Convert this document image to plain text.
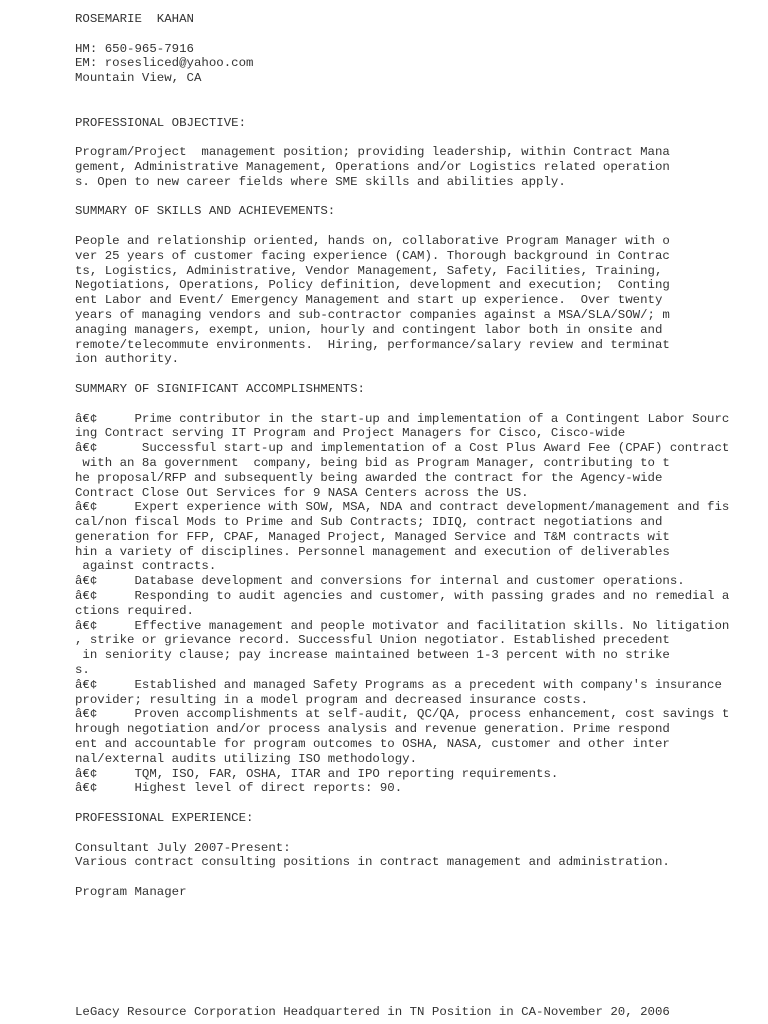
ROSEMARIE  KAHAN
HM: 650-965-7916
EM: rosesliced@yahoo.com
Mountain View, CA
PROFESSIONAL OBJECTIVE:
Program/Project  management position; providing leadership, within Contract Mana
gement, Administrative Management, Operations and/or Logistics related operation
s. Open to new career fields where SME skills and abilities apply.
SUMMARY OF SKILLS AND ACHIEVEMENTS:
People and relationship oriented, hands on, collaborative Program Manager with o
ver 25 years of customer facing experience (CAM). Thorough background in Contrac
ts, Logistics, Administrative, Vendor Management, Safety, Facilities, Training,
Negotiations, Operations, Policy definition, development and execution;  Conting
ent Labor and Event/ Emergency Management and start up experience.  Over twenty
years of managing vendors and sub-contractor companies against a MSA/SLA/SOW/; m
anaging managers, exempt, union, hourly and contingent labor both in onsite and
remote/telecommute environments.  Hiring, performance/salary review and terminat
ion authority.
SUMMARY OF SIGNIFICANT ACCOMPLISHMENTS:
â€¢     Prime contributor in the start-up and implementation of a Contingent Labor Sourc
ing Contract serving IT Program and Project Managers for Cisco, Cisco-wide
â€¢      Successful start-up and implementation of a Cost Plus Award Fee (CPAF) contract
with an 8a government  company, being bid as Program Manager, contributing to t
he proposal/RFP and subsequently being awarded the contract for the Agency-wide
Contract Close Out Services for 9 NASA Centers across the US.
â€¢     Expert experience with SOW, MSA, NDA and contract development/management and fis
cal/non fiscal Mods to Prime and Sub Contracts; IDIQ, contract negotiations and
generation for FFP, CPAF, Managed Project, Managed Service and T&M contracts wit
hin a variety of disciplines. Personnel management and execution of deliverables
against contracts.
â€¢     Database development and conversions for internal and customer operations.
â€¢     Responding to audit agencies and customer, with passing grades and no remedial a
ctions required.
â€¢     Effective management and people motivator and facilitation skills. No litigation
, strike or grievance record. Successful Union negotiator. Established precedent
in seniority clause; pay increase maintained between 1-3 percent with no strike
s.
â€¢     Established and managed Safety Programs as a precedent with company's insurance
provider; resulting in a model program and decreased insurance costs.
â€¢     Proven accomplishments at self-audit, QC/QA, process enhancement, cost savings t
hrough negotiation and/or process analysis and revenue generation. Prime respond
ent and accountable for program outcomes to OSHA, NASA, customer and other inter
nal/external audits utilizing ISO methodology.
â€¢     TQM, ISO, FAR, OSHA, ITAR and IPO reporting requirements.
â€¢     Highest level of direct reports: 90.
PROFESSIONAL EXPERIENCE:
Consultant July 2007-Present:
Various contract consulting positions in contract management and administration.
Program Manager
LeGacy Resource Corporation Headquartered in TN Position in CA-November 20, 2006
